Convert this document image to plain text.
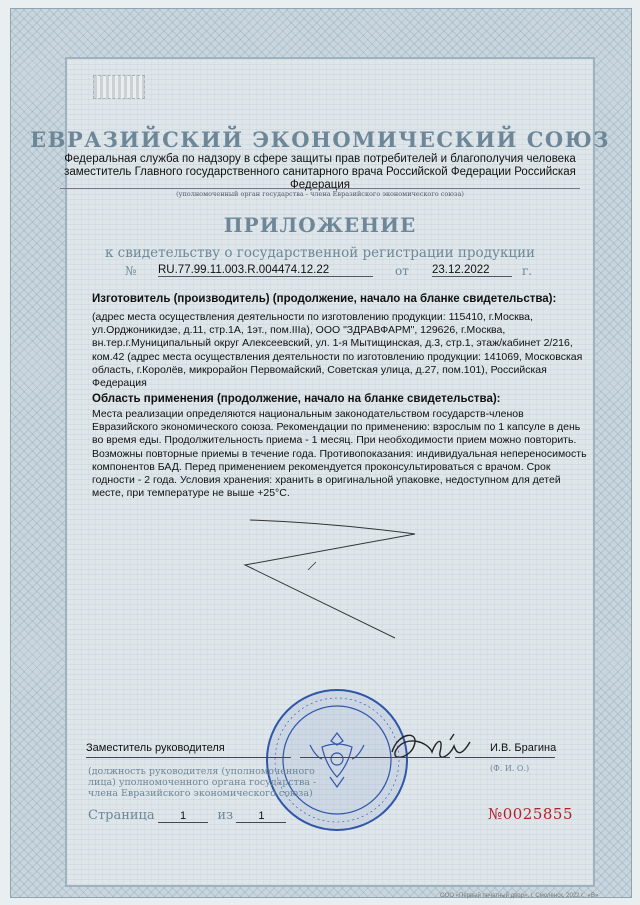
ЕВРАЗИЙСКИЙ ЭКОНОМИЧЕСКИЙ СОЮЗ
Федеральная служба по надзору в сфере защиты прав потребителей и благополучия человека заместитель Главного государственного санитарного врача Российской Федерации Российская Федерация
(уполномоченный орган государства - члена Евразийского экономического союза)
ПРИЛОЖЕНИЕ
к свидетельству о государственной регистрации продукции
№ RU.77.99.11.003.R.004474.12.22	от 23.12.2022	г.
Изготовитель (производитель) (продолжение, начало на бланке свидетельства):
(адрес места осуществления деятельности по изготовлению продукции: 115410, г.Москва, ул.Орджоникидзе, д.11, стр.1А, 1эт., пом.IIIа), ООО "ЗДРАВФАРМ", 129626, г.Москва, вн.тер.г.Муниципальный округ Алексеевский, ул. 1-я Мытищинская, д.3, стр.1, этаж/кабинет 2/216, ком.42 (адрес места осуществления деятельности по изготовлению продукции: 141069, Московская область, г.Королёв, микрорайон Первомайский, Советская улица, д.27, пом.101), Российская Федерация
Область применения (продолжение, начало на бланке свидетельства):
Места реализации определяются национальным законодательством государств-членов Евразийского экономического союза. Рекомендации по применению: взрослым по 1 капсуле в день во время еды. Продолжительность приема - 1 месяц. При необходимости прием можно повторить. Возможны повторные приемы в течение года. Противопоказания: индивидуальная непереносимость компонентов БАД. Перед применением рекомендуется проконсультироваться с врачом. Срок годности - 2 года. Условия хранения: хранить в оригинальной упаковке, недоступном для детей месте, при температуре не выше +25°С.
Заместитель руководителя	И.В. Брагина
(должность руководителя (уполномоченного лица) уполномоченного органа государства - члена Евразийского экономического союза)
(Ф. И. О.)
Страница 1 из 1	№0025855
ООО «Первый печатный двор», г. Смоленск, 2022 г., «В»
